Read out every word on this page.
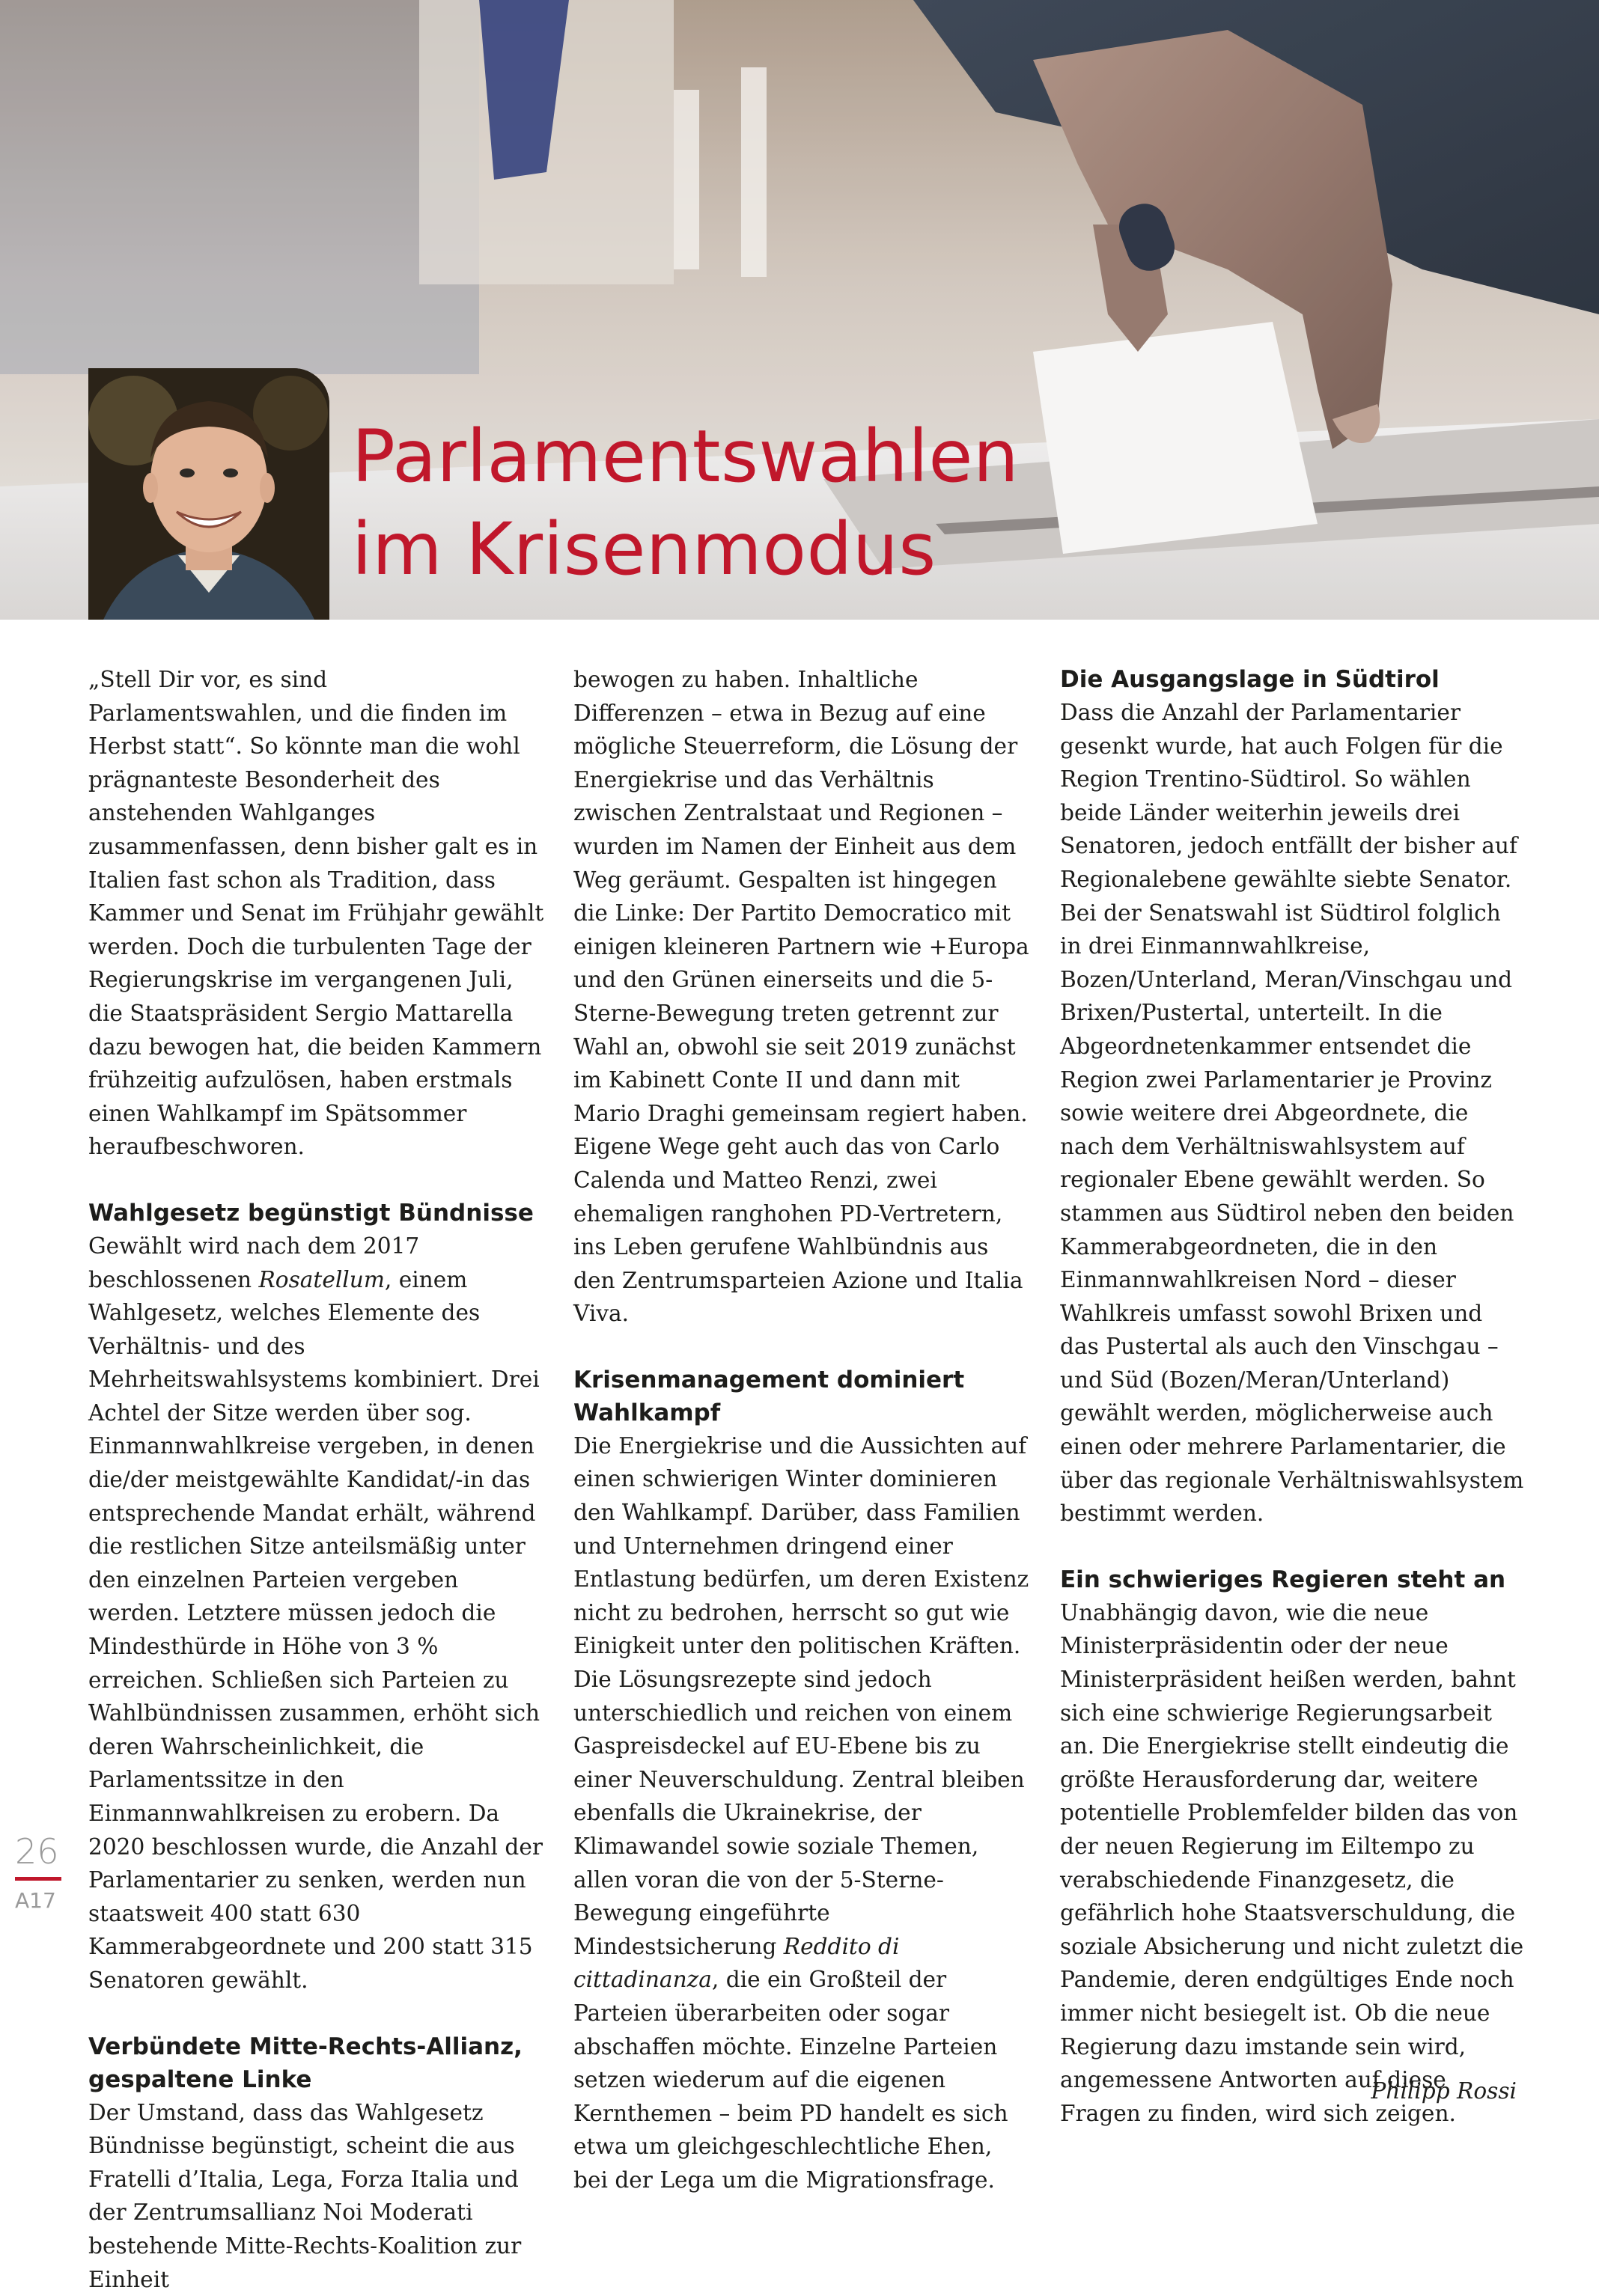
Parlamentswahlen
im Krisenmodus

„Stell Dir vor, es sind Parlamentswahlen, und die finden im Herbst statt“. So könnte man die wohl prägnanteste Besonderheit des anstehenden Wahlganges zusammenfassen, denn bisher galt es in Italien fast schon als Tradition, dass Kammer und Senat im Frühjahr gewählt werden. Doch die turbulenten Tage der Regierungskrise im vergangenen Juli, die Staatspräsident Sergio Mattarella dazu bewogen hat, die beiden Kammern frühzeitig aufzulösen, haben erstmals einen Wahlkampf im Spätsommer heraufbeschworen.

Wahlgesetz begünstigt Bündnisse

Gewählt wird nach dem 2017 beschlossenen Rosatellum, einem Wahlgesetz, welches Elemente des Verhältnis- und des Mehrheitswahlsystems kombiniert. Drei Achtel der Sitze werden über sog. Einmannwahlkreise vergeben, in denen die/der meistgewählte Kandidat/-in das entsprechende Mandat erhält, während die restlichen Sitze anteilsmäßig unter den einzelnen Parteien vergeben werden. Letztere müssen jedoch die Mindesthürde in Höhe von 3 % erreichen. Schließen sich Parteien zu Wahlbündnissen zusammen, erhöht sich deren Wahrscheinlichkeit, die Parlamentssitze in den Einmannwahlkreisen zu erobern. Da 2020 beschlossen wurde, die Anzahl der Parlamentarier zu senken, werden nun staatsweit 400 statt 630 Kammerabgeordnete und 200 statt 315 Senatoren gewählt.

Verbündete Mitte-Rechts-Allianz, gespaltene Linke

Der Umstand, dass das Wahlgesetz Bündnisse begünstigt, scheint die aus Fratelli d’Italia, Lega, Forza Italia und der Zentrumsallianz Noi Moderati bestehende Mitte-Rechts-Koalition zur Einheit

bewogen zu haben. Inhaltliche Differenzen – etwa in Bezug auf eine mögliche Steuerreform, die Lösung der Energiekrise und das Verhältnis zwischen Zentralstaat und Regionen – wurden im Namen der Einheit aus dem Weg geräumt. Gespalten ist hingegen die Linke: Der Partito Democratico mit einigen kleineren Partnern wie +Europa und den Grünen einerseits und die 5-Sterne-Bewegung treten getrennt zur Wahl an, obwohl sie seit 2019 zunächst im Kabinett Conte II und dann mit Mario Draghi gemeinsam regiert haben. Eigene Wege geht auch das von Carlo Calenda und Matteo Renzi, zwei ehemaligen ranghohen PD-Vertretern, ins Leben gerufene Wahlbündnis aus den Zentrumsparteien Azione und Italia Viva.

Krisenmanagement dominiert Wahlkampf

Die Energiekrise und die Aussichten auf einen schwierigen Winter dominieren den Wahlkampf. Darüber, dass Familien und Unternehmen dringend einer Entlastung bedürfen, um deren Existenz nicht zu bedrohen, herrscht so gut wie Einigkeit unter den politischen Kräften. Die Lösungsrezepte sind jedoch unterschiedlich und reichen von einem Gaspreisdeckel auf EU-Ebene bis zu einer Neuverschuldung. Zentral bleiben ebenfalls die Ukrainekrise, der Klimawandel sowie soziale Themen, allen voran die von der 5-Sterne-Bewegung eingeführte Mindestsicherung Reddito di cittadinanza, die ein Großteil der Parteien überarbeiten oder sogar abschaffen möchte. Einzelne Parteien setzen wiederum auf die eigenen Kernthemen – beim PD handelt es sich etwa um gleichgeschlechtliche Ehen, bei der Lega um die Migrationsfrage.

Die Ausgangslage in Südtirol

Dass die Anzahl der Parlamentarier gesenkt wurde, hat auch Folgen für die Region Trentino-Südtirol. So wählen beide Länder weiterhin jeweils drei Senatoren, jedoch entfällt der bisher auf Regionalebene gewählte siebte Senator. Bei der Senatswahl ist Südtirol folglich in drei Einmannwahlkreise, Bozen/Unterland, Meran/Vinschgau und Brixen/Pustertal, unterteilt. In die Abgeordnetenkammer entsendet die Region zwei Parlamentarier je Provinz sowie weitere drei Abgeordnete, die nach dem Verhältniswahlsystem auf regionaler Ebene gewählt werden. So stammen aus Südtirol neben den beiden Kammerabgeordneten, die in den Einmannwahlkreisen Nord – dieser Wahlkreis umfasst sowohl Brixen und das Pustertal als auch den Vinschgau – und Süd (Bozen/Meran/Unterland) gewählt werden, möglicherweise auch einen oder mehrere Parlamentarier, die über das regionale Verhältniswahlsystem bestimmt werden.

Ein schwieriges Regieren steht an

Unabhängig davon, wie die neue Ministerpräsidentin oder der neue Ministerpräsident heißen werden, bahnt sich eine schwierige Regierungsarbeit an. Die Energiekrise stellt eindeutig die größte Herausforderung dar, weitere potentielle Problemfelder bilden das von der neuen Regierung im Eiltempo zu verabschiedende Finanzgesetz, die gefährlich hohe Staatsverschuldung, die soziale Absicherung und nicht zuletzt die Pandemie, deren endgültiges Ende noch immer nicht besiegelt ist. Ob die neue Regierung dazu imstande sein wird, angemessene Antworten auf diese Fragen zu finden, wird sich zeigen.

Philipp Rossi
26
A17
